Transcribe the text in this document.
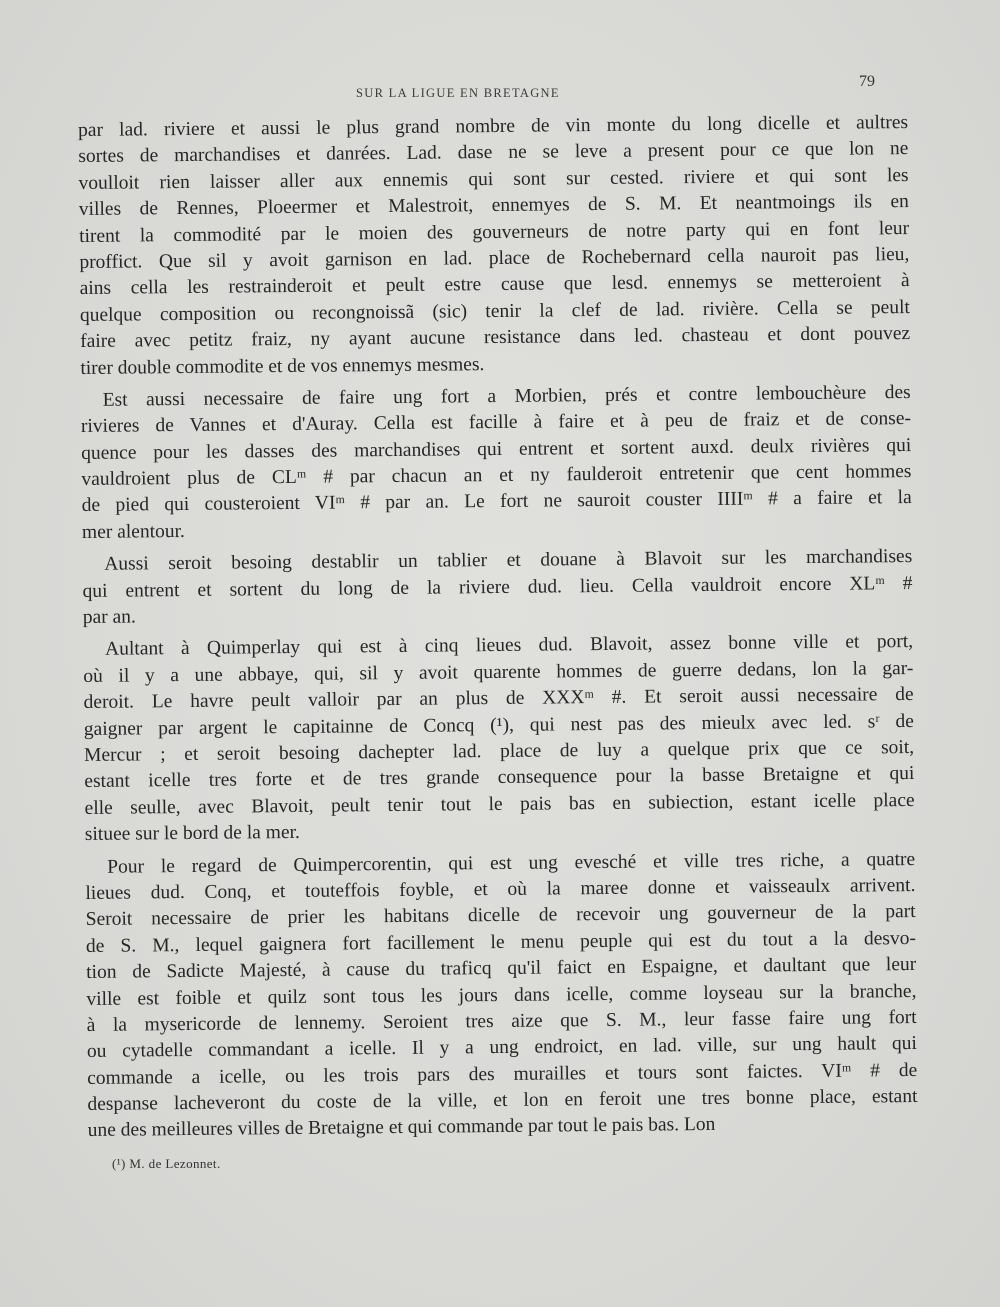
SUR LA LIGUE EN BRETAGNE
79
par lad. riviere et aussi le plus grand nombre de vin monte du long dicelle et aultres
sortes de marchandises et danrées. Lad. dase ne se leve a present pour ce que lon ne
voulloit rien laisser aller aux ennemis qui sont sur cested. riviere et qui sont les
villes de Rennes, Ploeermer et Malestroit, ennemyes de S. M. Et neantmoings ils en
tirent la commodité par le moien des gouverneurs de notre party qui en font leur
proffict. Que sil y avoit garnison en lad. place de Rochebernard cella nauroit pas lieu,
ains cella les restrainderoit et peult estre cause que lesd. ennemys se metteroient à
quelque composition ou recongnoissã (sic) tenir la clef de lad. rivière. Cella se peult
faire avec petitz fraiz, ny ayant aucune resistance dans led. chasteau et dont pouvez
tirer double commodite et de vos ennemys mesmes.
Est aussi necessaire de faire ung fort a Morbien, prés et contre lembouchèure des
rivieres de Vannes et d'Auray. Cella est facille à faire et à peu de fraiz et de conse-
quence pour les dasses des marchandises qui entrent et sortent auxd. deulx rivières qui
vauldroient plus de CLᵐ # par chacun an et ny faulderoit entretenir que cent hommes
de pied qui cousteroient VIᵐ # par an. Le fort ne sauroit couster IIIIᵐ # a faire et la
mer alentour.
Aussi seroit besoing destablir un tablier et douane à Blavoit sur les marchandises
qui entrent et sortent du long de la riviere dud. lieu. Cella vauldroit encore XLᵐ #
par an.
Aultant à Quimperlay qui est à cinq lieues dud. Blavoit, assez bonne ville et port,
où il y a une abbaye, qui, sil y avoit quarente hommes de guerre dedans, lon la gar-
deroit. Le havre peult valloir par an plus de XXXᵐ #. Et seroit aussi necessaire de
gaigner par argent le capitainne de Concq (¹), qui nest pas des mieulx avec led. sʳ de
Mercur ; et seroit besoing dachepter lad. place de luy a quelque prix que ce soit,
estant icelle tres forte et de tres grande consequence pour la basse Bretaigne et qui
elle seulle, avec Blavoit, peult tenir tout le pais bas en subiection, estant icelle place
situee sur le bord de la mer.
Pour le regard de Quimpercorentin, qui est ung evesché et ville tres riche, a quatre
lieues dud. Conq, et touteffois foyble, et où la maree donne et vaisseaulx arrivent.
Seroit necessaire de prier les habitans dicelle de recevoir ung gouverneur de la part
de S. M., lequel gaignera fort facillement le menu peuple qui est du tout a la desvo-
tion de Sadicte Majesté, à cause du traficq qu'il faict en Espaigne, et daultant que leur
ville est foible et quilz sont tous les jours dans icelle, comme loyseau sur la branche,
à la mysericorde de lennemy. Seroient tres aize que S. M., leur fasse faire ung fort
ou cytadelle commandant a icelle. Il y a ung endroict, en lad. ville, sur ung hault qui
commande a icelle, ou les trois pars des murailles et tours sont faictes. VIᵐ # de
despanse lacheveront du coste de la ville, et lon en feroit une tres bonne place, estant
une des meilleures villes de Bretaigne et qui commande par tout le pais bas. Lon
(¹) M. de Lezonnet.
